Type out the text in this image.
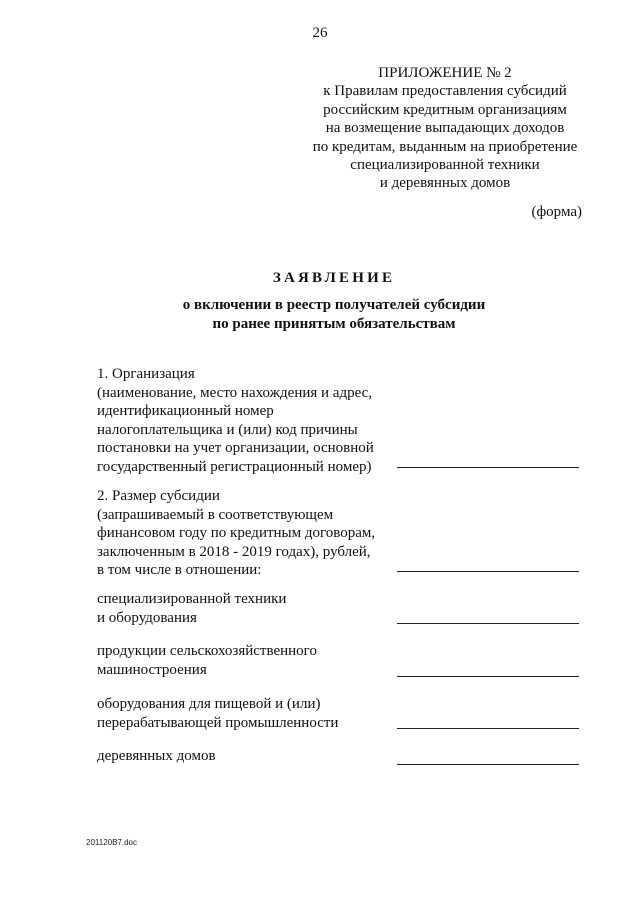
26
ПРИЛОЖЕНИЕ № 2
к Правилам предоставления субсидий
российским кредитным организациям
на возмещение выпадающих доходов
по кредитам, выданным на приобретение
специализированной техники
и деревянных домов
(форма)
ЗАЯВЛЕНИЕ
о включении в реестр получателей субсидии
по ранее принятым обязательствам
1. Организация
(наименование, место нахождения и адрес,
идентификационный номер
налогоплательщика и (или) код причины
постановки на учет организации, основной
государственный регистрационный номер)
2. Размер субсидии
(запрашиваемый в соответствующем
финансовом году по кредитным договорам,
заключенным в 2018 - 2019 годах), рублей,
в том числе в отношении:
специализированной техники
и оборудования
продукции сельскохозяйственного
машиностроения
оборудования для пищевой и (или)
перерабатывающей промышленности
деревянных домов
201120B7.doc
